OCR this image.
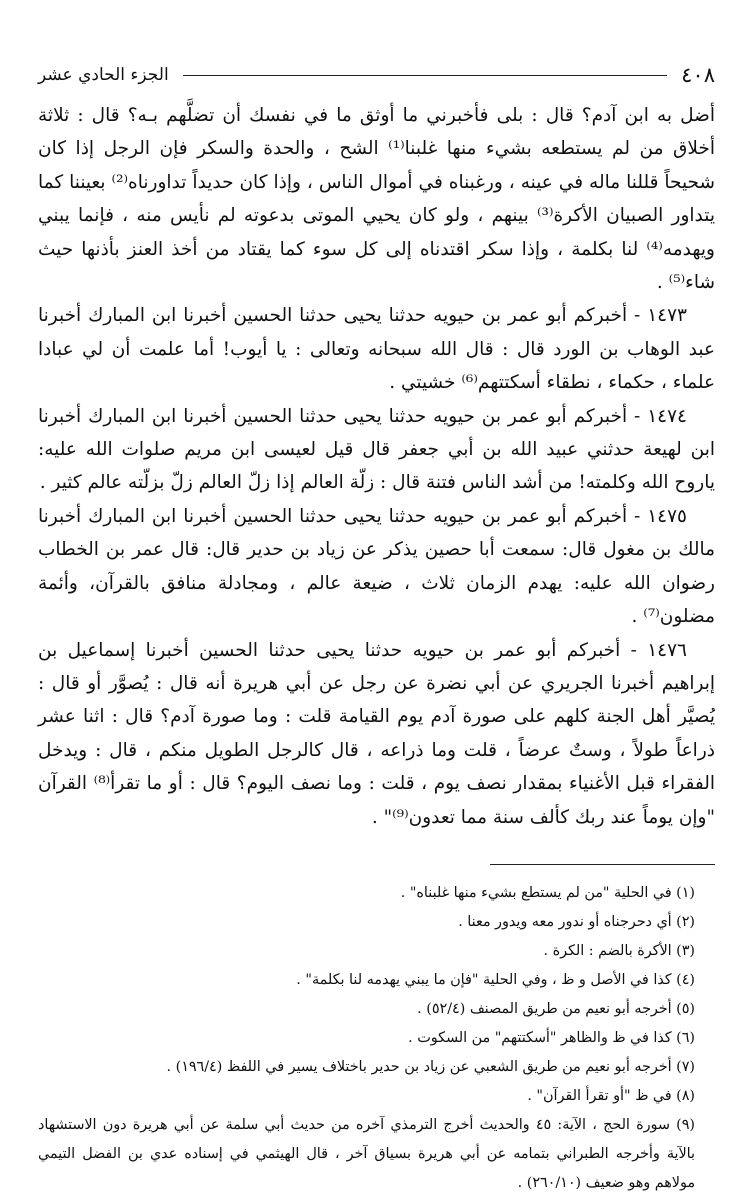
٤٠٨
الجزء الحادي عشر

أضل به ابن آدم؟ قال : بلى فأخبرني ما أوثق ما في نفسك أن تضلَّهم بـه؟ قال : ثلاثة أخلاق من لم يستطعه بشيء منها غلبنا⁽¹⁾ الشح ، والحدة والسكر فإن الرجل إذا كان شحيحاً قللنا ماله في عينه ، ورغبناه في أموال الناس ، وإذا كان حديداً تداورناه⁽²⁾ بعيننا كما يتداور الصبيان الأكرة⁽³⁾ بينهم ، ولو كان يحيي الموتى بدعوته لم نأيس منه ، فإنما يبني ويهدمه⁽⁴⁾ لنا بكلمة ، وإذا سكر اقتدناه إلى كل سوء كما يقتاد من أخذ العنز بأذنها حيث شاء⁽⁵⁾ .

١٤٧٣ - أخبركم أبو عمر بن حيويه حدثنا يحيى حدثنا الحسين أخبرنا ابن المبارك أخبرنا عبد الوهاب بن الورد قال : قال الله سبحانه وتعالى : يا أيوب! أما علمت أن لي عبادا علماء ، حكماء ، نطقاء أسكتتهم⁽⁶⁾ خشيتي .

١٤٧٤ - أخبركم أبو عمر بن حيويه حدثنا يحيى حدثنا الحسين أخبرنا ابن المبارك أخبرنا ابن لهيعة حدثني عبيد الله بن أبي جعفر قال قيل لعيسى ابن مريم صلوات الله عليه: ياروح الله وكلمته! من أشد الناس فتنة قال : زلّة العالم إذا زلّ العالم زلّ بزلّته عالم كثير .

١٤٧٥ - أخبركم أبو عمر بن حيويه حدثنا يحيى حدثنا الحسين أخبرنا ابن المبارك أخبرنا مالك بن مغول قال: سمعت أبا حصين يذكر عن زياد بن حدير قال: قال عمر بن الخطاب رضوان الله عليه: يهدم الزمان ثلاث ، ضيعة عالم ، ومجادلة منافق بالقرآن، وأئمة مضلون⁽⁷⁾ .

١٤٧٦ - أخبركم أبو عمر بن حيويه حدثنا يحيى حدثنا الحسين أخبرنا إسماعيل بن إبراهيم أخبرنا الجريري عن أبي نضرة عن رجل عن أبي هريرة أنه قال : يُصوَّر أو قال : يُصيَّر أهل الجنة كلهم على صورة آدم يوم القيامة قلت : وما صورة آدم؟ قال : اثنا عشر ذراعاً طولاً ، وستٌ عرضاً ، قلت وما ذراعه ، قال كالرجل الطويل منكم ، قال : ويدخل الفقراء قبل الأغنياء بمقدار نصف يوم ، قلت : وما نصف اليوم؟ قال : أو ما تقرأ⁽⁸⁾ القرآن "وإن يوماً عند ربك كألف سنة مما تعدون⁽⁹⁾" .

(١) في الحلية "من لم يستطع بشيء منها غلبناه" .
(٢) أي دحرجناه أو ندور معه ويدور معنا .
(٣) الأكرة بالضم : الكرة .
(٤) كذا في الأصل و ظ ، وفي الحلية "فإن ما يبني يهدمه لنا بكلمة" .
(٥) أخرجه أبو نعيم من طريق المصنف (٥٢/٤) .
(٦) كذا في ظ والظاهر "أسكتتهم" من السكوت .
(٧) أخرجه أبو نعيم من طريق الشعبي عن زياد بن حدير باختلاف يسير في اللفظ (١٩٦/٤) .
(٨) في ظ "أو تقرأ القرآن" .
(٩) سورة الحج ، الآية: ٤٥ والحديث أخرج الترمذي آخره من حديث أبي سلمة عن أبي هريرة دون الاستشهاد بالآية وأخرجه الطبراني بتمامه عن أبي هريرة بسياق آخر ، قال الهيثمي في إسناده عدي بن الفضل التيمي مولاهم وهو ضعيف (٢٦٠/١٠) .
